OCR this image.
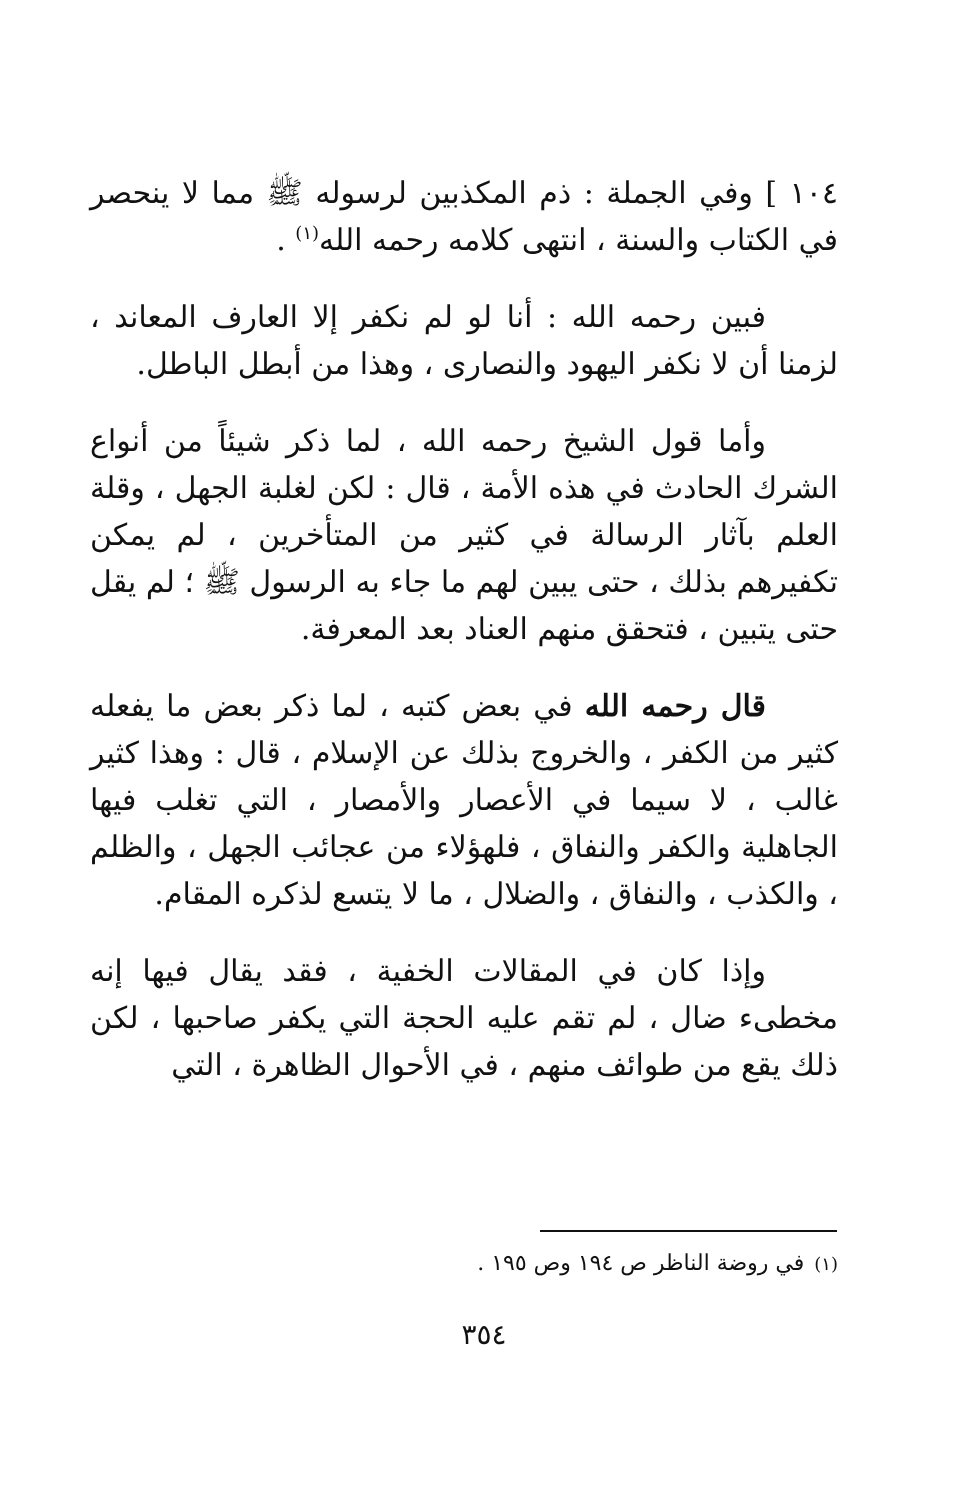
١٠٤ ] وفي الجملة : ذم المكذبين لرسوله ﷺ مما لا ينحصر في الكتاب والسنة ، انتهى كلامه رحمه الله$^{(١)}$ .

فبين رحمه الله : أنا لو لم نكفر إلا العارف المعاند ، لزمنا أن لا نكفر اليهود والنصارى ، وهذا من أبطل الباطل.

وأما قول الشيخ رحمه الله ، لما ذكر شيئاً من أنواع الشرك الحادث في هذه الأمة ، قال : لكن لغلبة الجهل ، وقلة العلم بآثار الرسالة في كثير من المتأخرين ، لم يمكن تكفيرهم بذلك ، حتى يبين لهم ما جاء به الرسول ﷺ ؛ لم يقل حتى يتبين ، فتحقق منهم العناد بعد المعرفة.

قال رحمه الله في بعض كتبه ، لما ذكر بعض ما يفعله كثير من الكفر ، والخروج بذلك عن الإسلام ، قال : وهذا كثير غالب ، لا سيما في الأعصار والأمصار ، التي تغلب فيها الجاهلية والكفر والنفاق ، فلهؤلاء من عجائب الجهل ، والظلم ، والكذب ، والنفاق ، والضلال ، ما لا يتسع لذكره المقام.

وإذا كان في المقالات الخفية ، فقد يقال فيها إنه مخطىء ضال ، لم تقم عليه الحجة التي يكفر صاحبها ، لكن ذلك يقع من طوائف منهم ، في الأحوال الظاهرة ، التي

(١)في روضة الناظر ص ١٩٤ وص ١٩٥ .
٣٥٤
